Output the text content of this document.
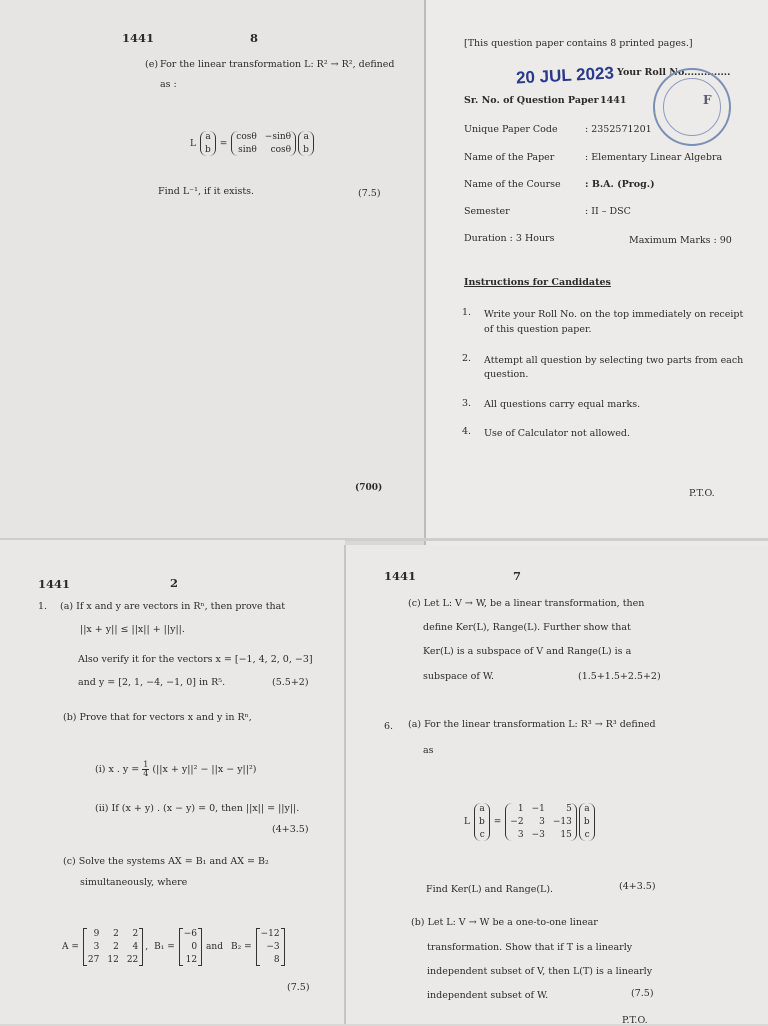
1441	8
(e) For the linear transformation L: R² → R², defined
as :
L
a
b
=
cosθ −sinθ
sinθ	cosθ
a
b
Find L⁻¹, if it exists.	(7.5)
(700)
[This question paper contains 8 printed pages.]
20 JUL 2023 Your Roll No..............
F
Sr. No. of Question Paper :
1441
Unique Paper Code	: 2352571201
Name of the Paper	: Elementary Linear Algebra
Name of the Course	: B.A. (Prog.)
Semester	: II – DSC
Duration : 3 Hours	Maximum Marks : 90
Instructions for Candidates
1. Write your Roll No. on the top immediately on receipt
of this question paper.
2. Attempt all question by selecting two parts from each
question.
3. All questions carry equal marks.
4. Use of Calculator not allowed.
P.T.O.
1441	2
1. (a) If x and y are vectors in Rⁿ, then prove that
||x + y|| ≤ ||x|| + ||y||.
Also verify it for the vectors x = [−1, 4, 2, 0, −3]
and y = [2, 1, −4, −1, 0] in R⁵.	(5.5+2)
(b) Prove that for vectors x and y in Rⁿ,
(i) x . $y = \frac{1}{4} (||x + y||^2 - ||x - y||^2)$
(ii) If (x + y) . (x − y) = 0, then ||x|| = ||y||.
(4+3.5)
(c) Solve the systems AX = B₁ and AX = B₂
simultaneously, where
A =
9	2	2
3	2	4
27 12 22
, B₁ =
−6
0
12
and B₂ =
−12
−3
8
(7.5)
1441	7
(c) Let L: V → W, be a linear transformation, then
define Ker(L), Range(L). Further show that
Ker(L) is a subspace of V and Range(L) is a
subspace of W.	(1.5+1.5+2.5+2)
6. (a) For the linear transformation L: R³ → R³ defined
as
L
a
b
c
=
1 −1	5
−2	3 −13
3 −3	15
a
b
c
Find Ker(L) and Range(L).	(4+3.5)
(b) Let L: V → W be a one-to-one linear
transformation. Show that if T is a linearly
independent subset of V, then L(T) is a linearly
independent subset of W.	(7.5)
P.T.O.
